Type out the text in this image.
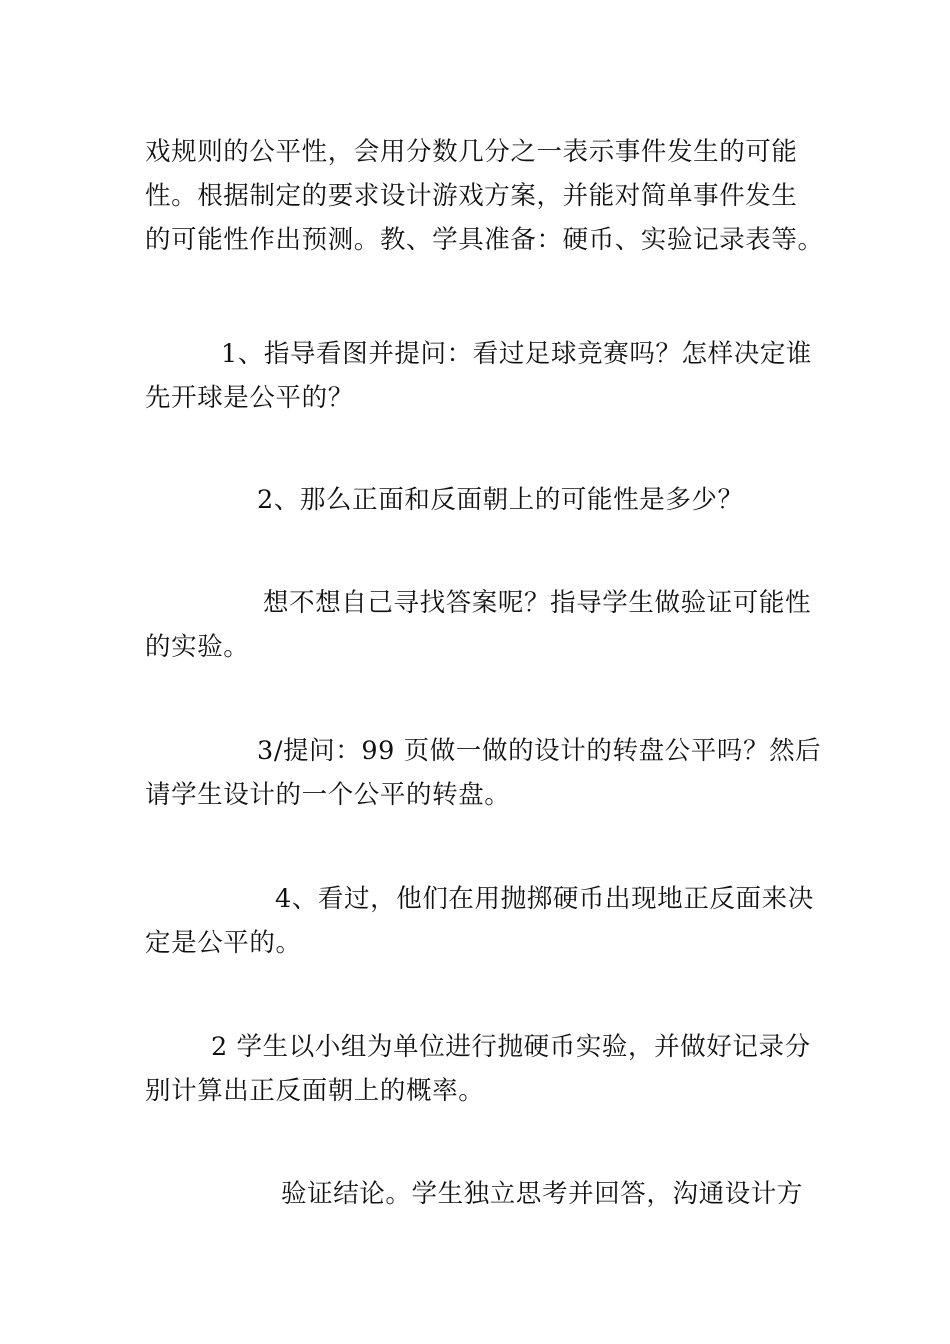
戏规则的公平性，会用分数几分之一表示事件发生的可能
性。根据制定的要求设计游戏方案，并能对简单事件发生
的可能性作出预测。教、学具准备：硬币、实验记录表等。

1、指导看图并提问：看过足球竞赛吗？怎样决定谁
先开球是公平的？

2、那么正面和反面朝上的可能性是多少？

想不想自己寻找答案呢？指导学生做验证可能性
的实验。

3/提问：99 页做一做的设计的转盘公平吗？然后
请学生设计的一个公平的转盘。

4、看过，他们在用抛掷硬币出现地正反面来决
定是公平的。

2 学生以小组为单位进行抛硬币实验，并做好记录分
别计算出正反面朝上的概率。

验证结论。学生独立思考并回答，沟通设计方
